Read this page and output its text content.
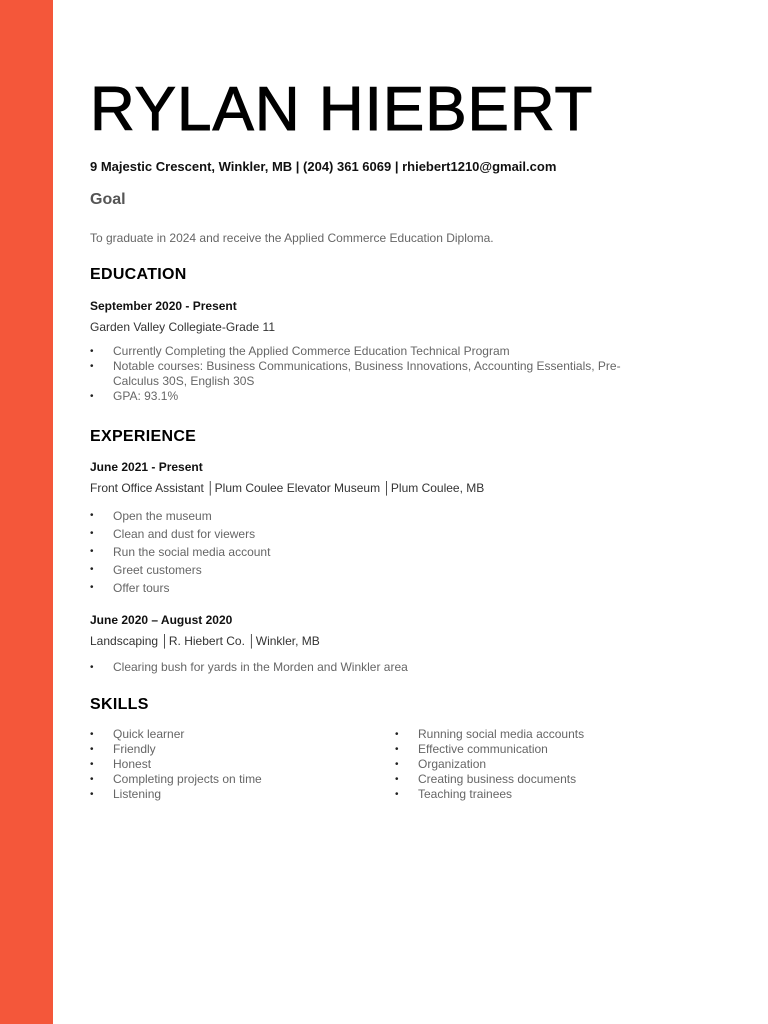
RYLAN HIEBERT
9 Majestic Crescent, Winkler, MB | (204) 361 6069 | rhiebert1210@gmail.com
Goal
To graduate in 2024 and receive the Applied Commerce Education Diploma.
EDUCATION
September 2020 - Present
Garden Valley Collegiate-Grade 11
• Currently Completing the Applied Commerce Education Technical Program
• Notable courses: Business Communications, Business Innovations, Accounting Essentials, Pre-Calculus 30S, English 30S
• GPA: 93.1%
EXPERIENCE
June 2021 - Present
Front Office Assistant │Plum Coulee Elevator Museum │Plum Coulee, MB
• Open the museum
• Clean and dust for viewers
• Run the social media account
• Greet customers
• Offer tours
June 2020 – August 2020
Landscaping │R. Hiebert Co. │Winkler, MB
• Clearing bush for yards in the Morden and Winkler area
SKILLS
• Quick learner
• Friendly
• Honest
• Completing projects on time
• Listening
• Running social media accounts
• Effective communication
• Organization
• Creating business documents
• Teaching trainees
